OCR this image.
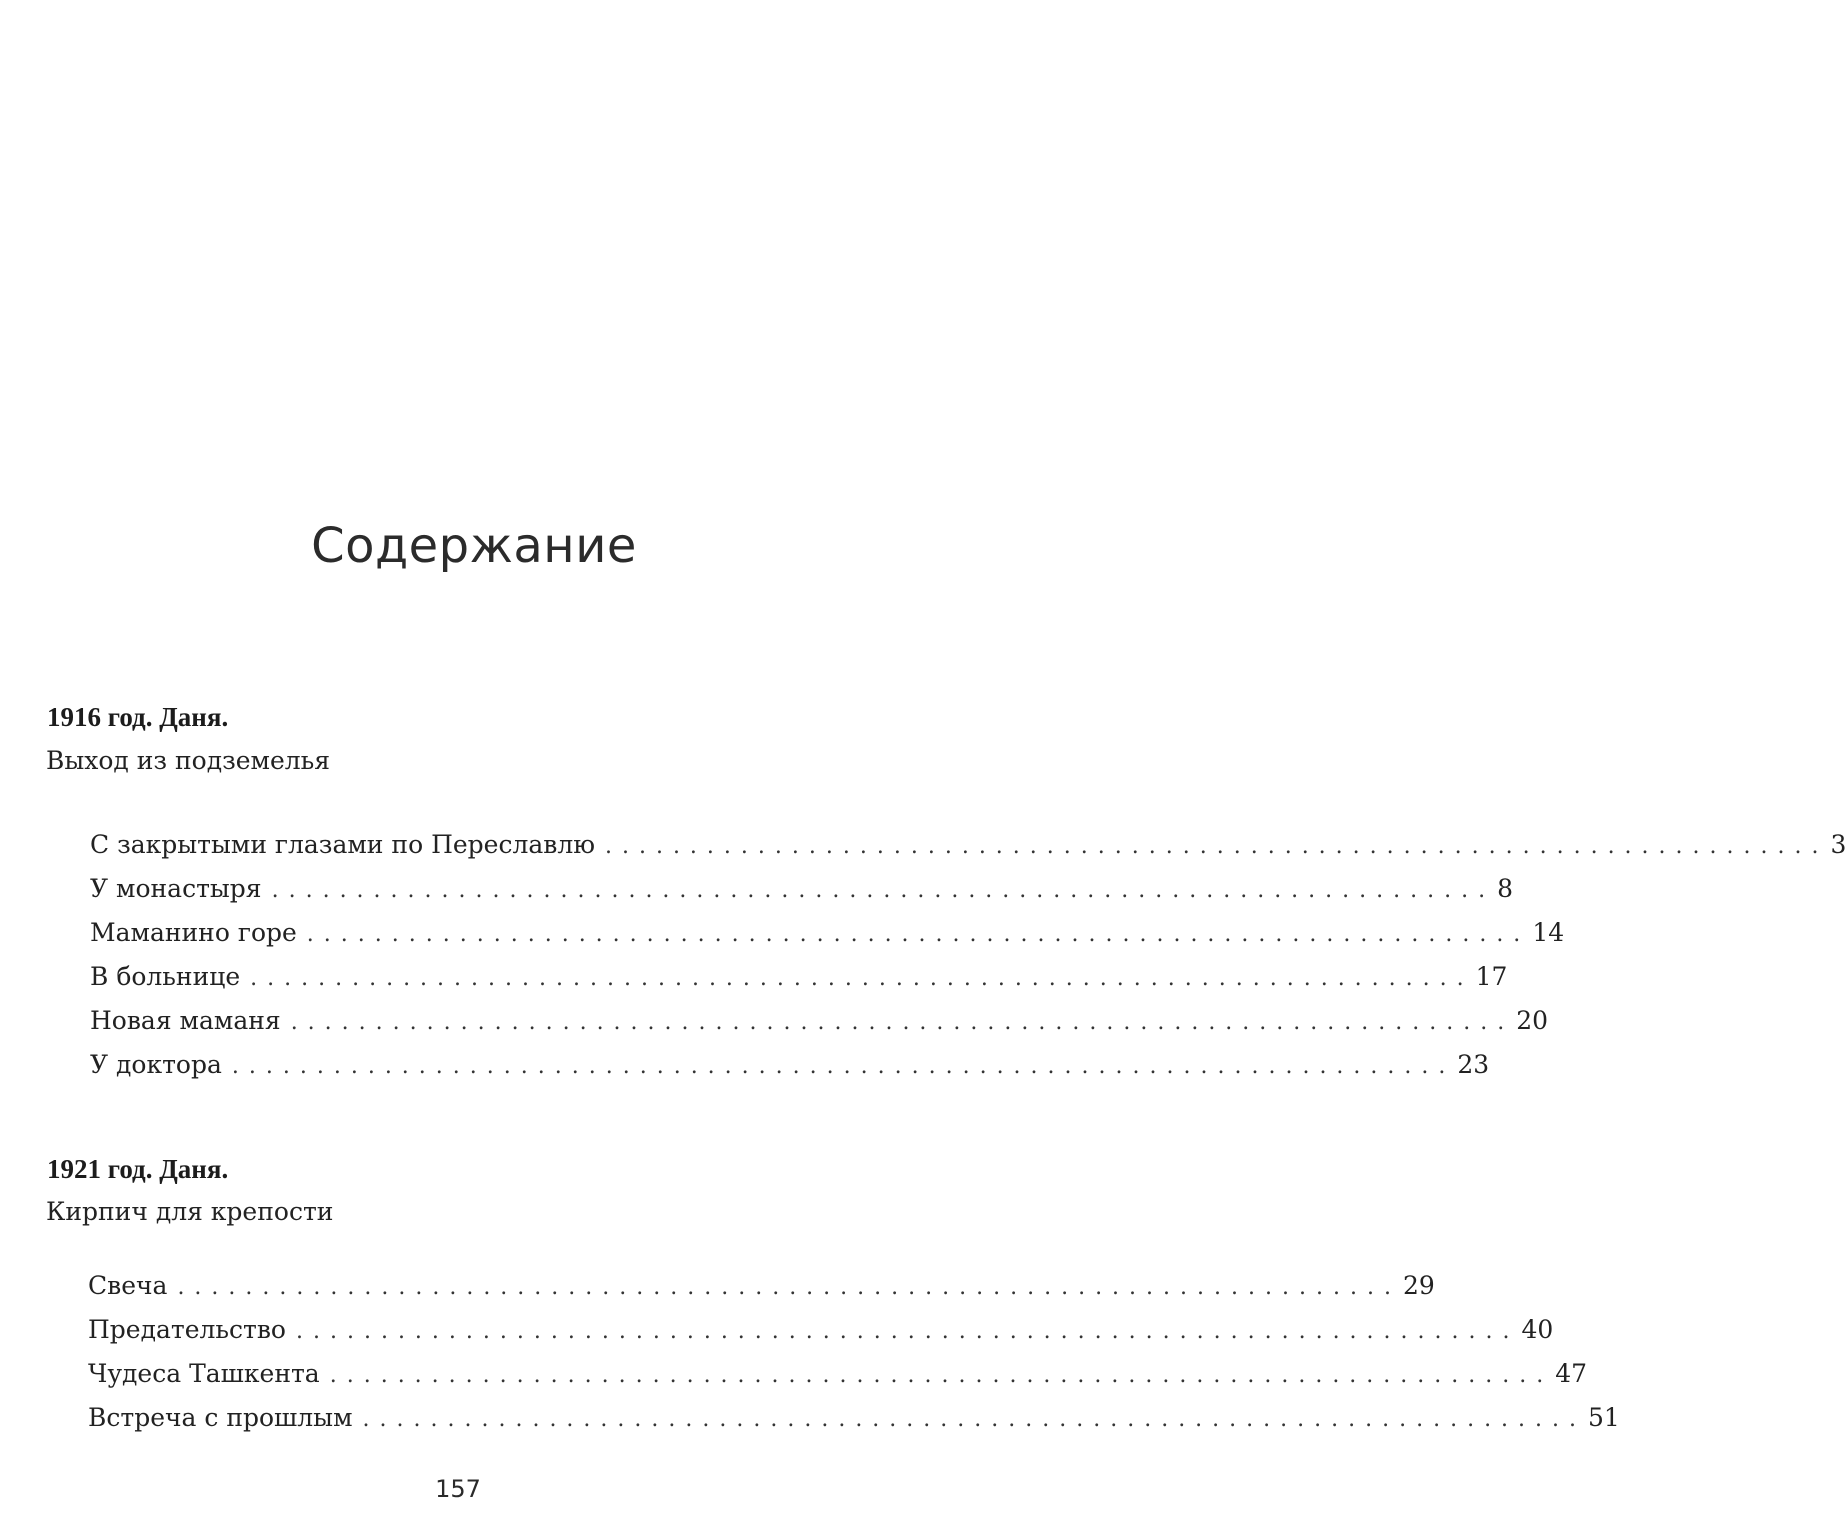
Содержание
1916 год. Даня.
Выход из подземелья
С закрытыми глазами по Переславлю ........................................................................ 3
У монастыря ........................................................................ 8
Маманино горе ........................................................................ 14
В больнице ........................................................................ 17
Новая маманя ........................................................................ 20
У доктора ........................................................................ 23
1921 год. Даня.
Кирпич для крепости
Свеча ........................................................................ 29
Предательство ........................................................................ 40
Чудеса Ташкента ........................................................................ 47
Встреча с прошлым ........................................................................ 51
157
